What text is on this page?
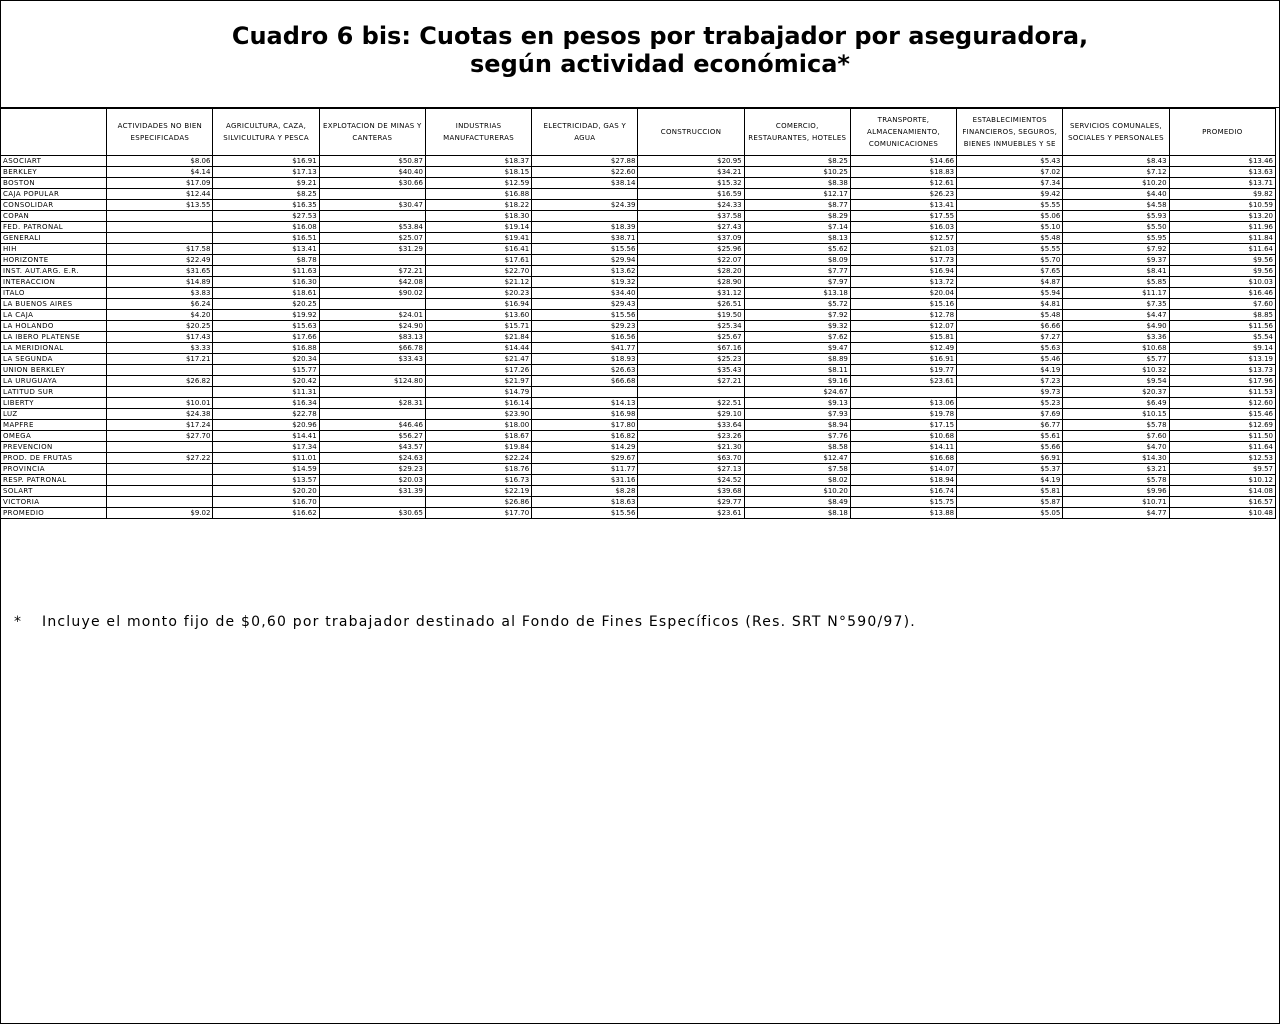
Cuadro 6 bis: Cuotas en pesos por trabajador por aseguradora,
según actividad económica*
	ACTIVIDADES NO BIEN ESPECIFICADAS	AGRICULTURA, CAZA, SILVICULTURA Y PESCA	EXPLOTACION DE MINAS Y CANTERAS	INDUSTRIAS MANUFACTURERAS	ELECTRICIDAD, GAS Y AGUA	CONSTRUCCION	COMERCIO, RESTAURANTES, HOTELES	TRANSPORTE, ALMACENAMIENTO, COMUNICACIONES	ESTABLECIMIENTOS FINANCIEROS, SEGUROS, BIENES INMUEBLES Y SE	SERVICIOS COMUNALES, SOCIALES Y PERSONALES	PROMEDIO
ASOCIART	$8.06	$16.91	$50.87	$18.37	$27.88	$20.95	$8.25	$14.66	$5.43	$8.43	$13.46
BERKLEY	$4.14	$17.13	$40.40	$18.15	$22.60	$34.21	$10.25	$18.83	$7.02	$7.12	$13.63
BOSTON	$17.09	$9.21	$30.66	$12.59	$38.14	$15.32	$8.38	$12.61	$7.34	$10.20	$13.71
CAJA POPULAR	$12.44	$8.25		$16.88		$16.59	$12.17	$26.23	$9.42	$4.40	$9.82
CONSOLIDAR	$13.55	$16.35	$30.47	$18.22	$24.39	$24.33	$8.77	$13.41	$5.55	$4.58	$10.59
COPAN		$27.53		$18.30		$37.58	$8.29	$17.55	$5.06	$5.93	$13.20
FED. PATRONAL		$16.08	$53.84	$19.14	$18.39	$27.43	$7.14	$16.03	$5.10	$5.50	$11.96
GENERALI		$16.51	$25.07	$19.41	$38.71	$37.09	$8.13	$12.57	$5.48	$5.95	$11.84
HIH	$17.58	$13.41	$31.29	$16.41	$15.56	$25.96	$5.62	$21.03	$5.55	$7.92	$11.64
HORIZONTE	$22.49	$8.78		$17.61	$29.94	$22.07	$8.09	$17.73	$5.70	$9.37	$9.56
INST. AUT.ARG. E.R.	$31.65	$11.63	$72.21	$22.70	$13.62	$28.20	$7.77	$16.94	$7.65	$8.41	$9.56
INTERACCION	$14.89	$16.30	$42.08	$21.12	$19.32	$28.90	$7.97	$13.72	$4.87	$5.85	$10.03
ITALO	$3.83	$18.61	$90.02	$20.23	$34.40	$31.12	$13.18	$20.04	$5.94	$11.17	$16.46
LA BUENOS AIRES	$6.24	$20.25		$16.94	$29.43	$26.51	$5.72	$15.16	$4.81	$7.35	$7.60
LA CAJA	$4.20	$19.92	$24.01	$13.60	$15.56	$19.50	$7.92	$12.78	$5.48	$4.47	$8.85
LA HOLANDO	$20.25	$15.63	$24.90	$15.71	$29.23	$25.34	$9.32	$12.07	$6.66	$4.90	$11.56
LA IBERO PLATENSE	$17.43	$17.66	$83.13	$21.84	$16.56	$25.67	$7.62	$15.81	$7.27	$3.36	$5.54
LA MERIDIONAL	$3.33	$16.88	$66.78	$14.44	$41.77	$67.16	$9.47	$12.49	$5.63	$10.68	$9.14
LA SEGUNDA	$17.21	$20.34	$33.43	$21.47	$18.93	$25.23	$8.89	$16.91	$5.46	$5.77	$13.19
UNION BERKLEY		$15.77		$17.26	$26.63	$35.43	$8.11	$19.77	$4.19	$10.32	$13.73
LA URUGUAYA	$26.82	$20.42	$124.80	$21.97	$66.68	$27.21	$9.16	$23.61	$7.23	$9.54	$17.96
LATITUD SUR		$11.31		$14.79			$24.67		$9.73	$20.37	$11.53
LIBERTY	$10.01	$16.34	$28.31	$16.14	$14.13	$22.51	$9.13	$13.06	$5.23	$6.49	$12.60
LUZ	$24.38	$22.78		$23.90	$16.98	$29.10	$7.93	$19.78	$7.69	$10.15	$15.46
MAPFRE	$17.24	$20.96	$46.46	$18.00	$17.80	$33.64	$8.94	$17.15	$6.77	$5.78	$12.69
OMEGA	$27.70	$14.41	$56.27	$18.67	$16.82	$23.26	$7.76	$10.68	$5.61	$7.60	$11.50
PREVENCION		$17.34	$43.57	$19.84	$14.29	$21.30	$8.58	$14.11	$5.66	$4.70	$11.64
PROD. DE FRUTAS	$27.22	$11.01	$24.63	$22.24	$29.67	$63.70	$12.47	$16.68	$6.91	$14.30	$12.53
PROVINCIA		$14.59	$29.23	$18.76	$11.77	$27.13	$7.58	$14.07	$5.37	$3.21	$9.57
RESP. PATRONAL		$13.57	$20.03	$16.73	$31.16	$24.52	$8.02	$18.94	$4.19	$5.78	$10.12
SOLART		$20.20	$31.39	$22.19	$8.28	$39.68	$10.20	$16.74	$5.81	$9.96	$14.08
VICTORIA		$16.70		$26.86	$18.63	$29.77	$8.49	$15.75	$5.87	$10.71	$16.57
PROMEDIO	$9.02	$16.62	$30.65	$17.70	$15.56	$23.61	$8.18	$13.88	$5.05	$4.77	$10.48
* Incluye el monto fijo de $0,60 por trabajador destinado al Fondo de Fines Específicos (Res. SRT N°590/97).
